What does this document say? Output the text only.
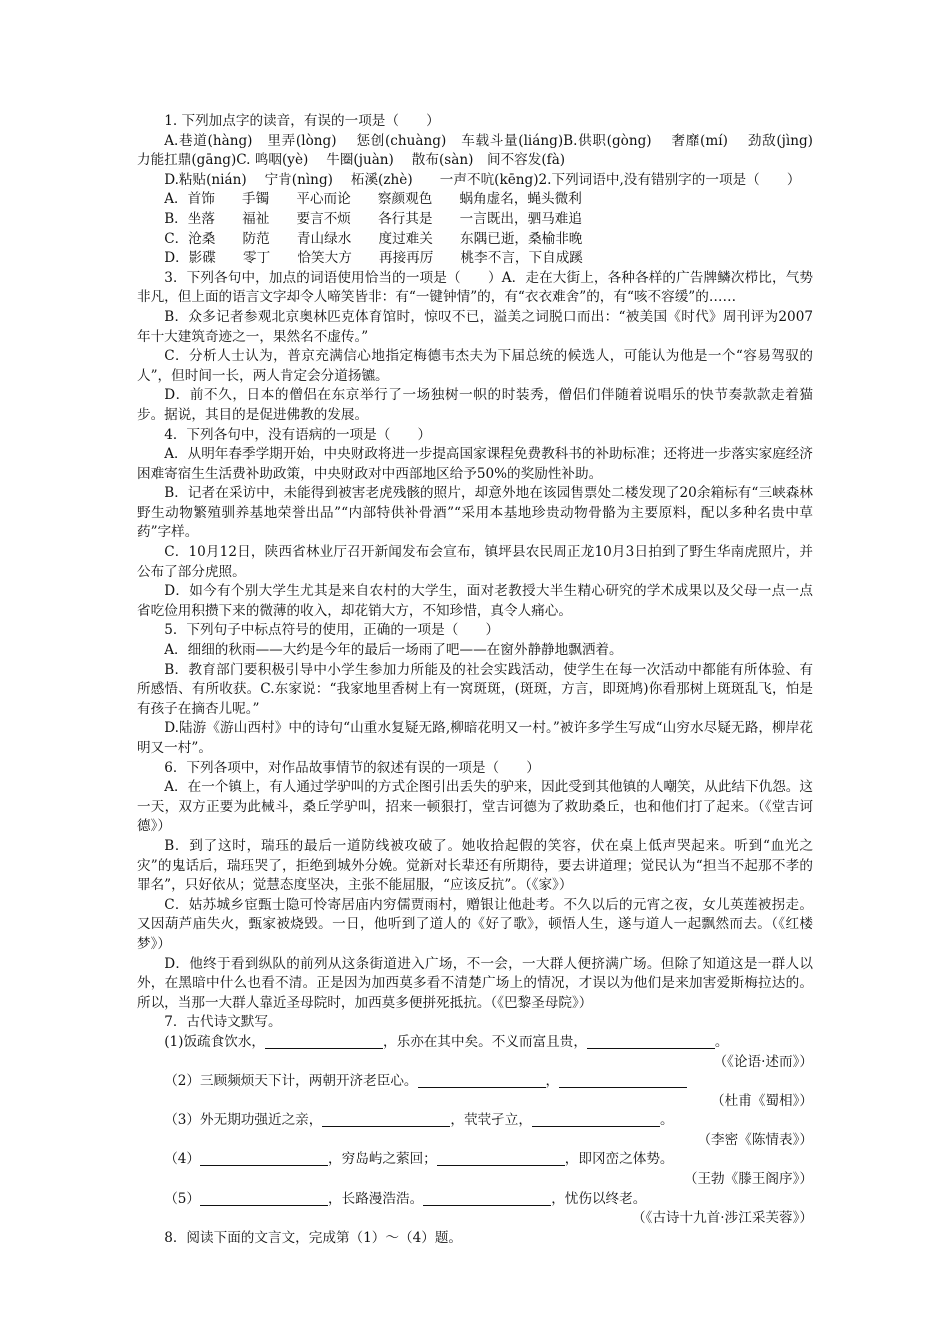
1. 下列加点字的读音，有误的一项是（　　）

A.巷道(hàng)　里弄(lòng)　 惩创(chuàng)　车载斗量(liáng)B.供职(gòng)　 奢靡(mí)　 劲敌(jìng)　 力能扛鼎(gāng)C. 鸣咽(yè)　 牛圈(juàn)　 散布(sàn)　间不容发(fà)

D.粘贴(nián)　 宁肯(nìng)　 柘溪(zhè)　　一声不吭(kēng)2.下列词语中,没有错别字的一项是（　　）

A．首饰　　手镯　　平心而论　　察颜观色　　蜗角虚名，蝇头微利

B．坐落　　福祉　　要言不烦　　各行其是　　一言既出，驷马难追

C．沧桑　　防范　　青山绿水　　度过难关　　东隅已逝，桑榆非晚

D．影碟　　零丁　　恰笑大方　　再接再厉　　桃李不言，下自成蹊

3．下列各句中，加点的词语使用恰当的一项是（　　）A．走在大街上，各种各样的广告牌鳞次栉比，气势非凡，但上面的语言文字却令人啼笑皆非：有“一键钟情”的，有“衣衣难舍”的，有“咳不容缓”的……

B．众多记者参观北京奥林匹克体育馆时，惊叹不已，溢美之词脱口而出：“被美国《时代》周刊评为2007年十大建筑奇迹之一，果然名不虚传。”

C．分析人士认为，普京充满信心地指定梅德韦杰夫为下届总统的候选人，可能认为他是一个“容易驾驭的人”，但时间一长，两人肯定会分道扬镳。

D．前不久，日本的僧侣在东京举行了一场独树一帜的时装秀，僧侣们伴随着说唱乐的快节奏款款走着猫步。据说，其目的是促进佛教的发展。

4．下列各句中，没有语病的一项是（　　）

A．从明年春季学期开始，中央财政将进一步提高国家课程免费教科书的补助标准；还将进一步落实家庭经济困难寄宿生生活费补助政策，中央财政对中西部地区给予50%的奖励性补助。

B．记者在采访中，未能得到被害老虎残骸的照片，却意外地在该园售票处二楼发现了20余箱标有“三峡森林野生动物繁殖驯养基地荣誉出品”“内部特供补骨酒”“采用本基地珍贵动物骨骼为主要原料，配以多种名贵中草药”字样。

C．10月12日，陕西省林业厅召开新闻发布会宣布，镇坪县农民周正龙10月3日拍到了野生华南虎照片，并公布了部分虎照。

D．如今有个别大学生尤其是来自农村的大学生，面对老教授大半生精心研究的学术成果以及父母一点一点省吃俭用积攒下来的微薄的收入，却花销大方，不知珍惜，真令人痛心。

5．下列句子中标点符号的使用，正确的一项是（　　）

A．细细的秋雨——大约是今年的最后一场雨了吧——在窗外静静地飘洒着。

B．教育部门要积极引导中小学生参加力所能及的社会实践活动，使学生在每一次活动中都能有所体验、有所感悟、有所收获。C.东家说：“我家地里香树上有一窝斑斑，(斑斑，方言，即斑鸠)你看那树上斑斑乱飞，怕是有孩子在摘杏儿呢。”

D.陆游《游山西村》中的诗句“山重水复疑无路,柳暗花明又一村。”被许多学生写成“山穷水尽疑无路，柳岸花明又一村”。

6．下列各项中，对作品故事情节的叙述有误的一项是（　　）

A．在一个镇上，有人通过学驴叫的方式企图引出丢失的驴来，因此受到其他镇的人嘲笑，从此结下仇怨。这一天，双方正要为此械斗，桑丘学驴叫，招来一顿狠打，堂吉诃德为了救助桑丘，也和他们打了起来。（《堂吉诃德》）

B．到了这时，瑞珏的最后一道防线被攻破了。她收拾起假的笑容，伏在桌上低声哭起来。听到“血光之灾”的鬼话后，瑞珏哭了，拒绝到城外分娩。觉新对长辈还有所期待，要去讲道理；觉民认为“担当不起那不孝的罪名”，只好依从；觉慧态度坚决，主张不能屈服，“应该反抗”。（《家》）

C．姑苏城乡宦甄士隐可怜寄居庙内穷儒贾雨村，赠银让他赴考。不久以后的元宵之夜，女儿英莲被拐走。又因葫芦庙失火，甄家被烧毁。一日，他听到了道人的《好了歌》，顿悟人生，遂与道人一起飘然而去。（《红楼梦》）

D．他终于看到纵队的前列从这条街道进入广场，不一会，一大群人便挤满广场。但除了知道这是一群人以外，在黑暗中什么也看不清。正是因为加西莫多看不清楚广场上的情况，才误以为他们是来加害爱斯梅拉达的。所以，当那一大群人靠近圣母院时，加西莫多便拼死抵抗。（《巴黎圣母院》）

7．古代诗文默写。

(1)饭疏食饮水，	，乐亦在其中矣。不义而富且贵，	。

（《论语·述而》）

（2）三顾频烦天下计，两朝开济老臣心。	，

（杜甫《蜀相》）

（3）外无期功强近之亲，	，茕茕孑立，	。

（李密《陈情表》）

（4）	，穷岛屿之萦回；	，即冈峦之体势。

（王勃《滕王阁序》）

（5）	，长路漫浩浩。	，忧伤以终老。

（《古诗十九首·涉江采芙蓉》）

8．阅读下面的文言文，完成第（1）～（4）题。
